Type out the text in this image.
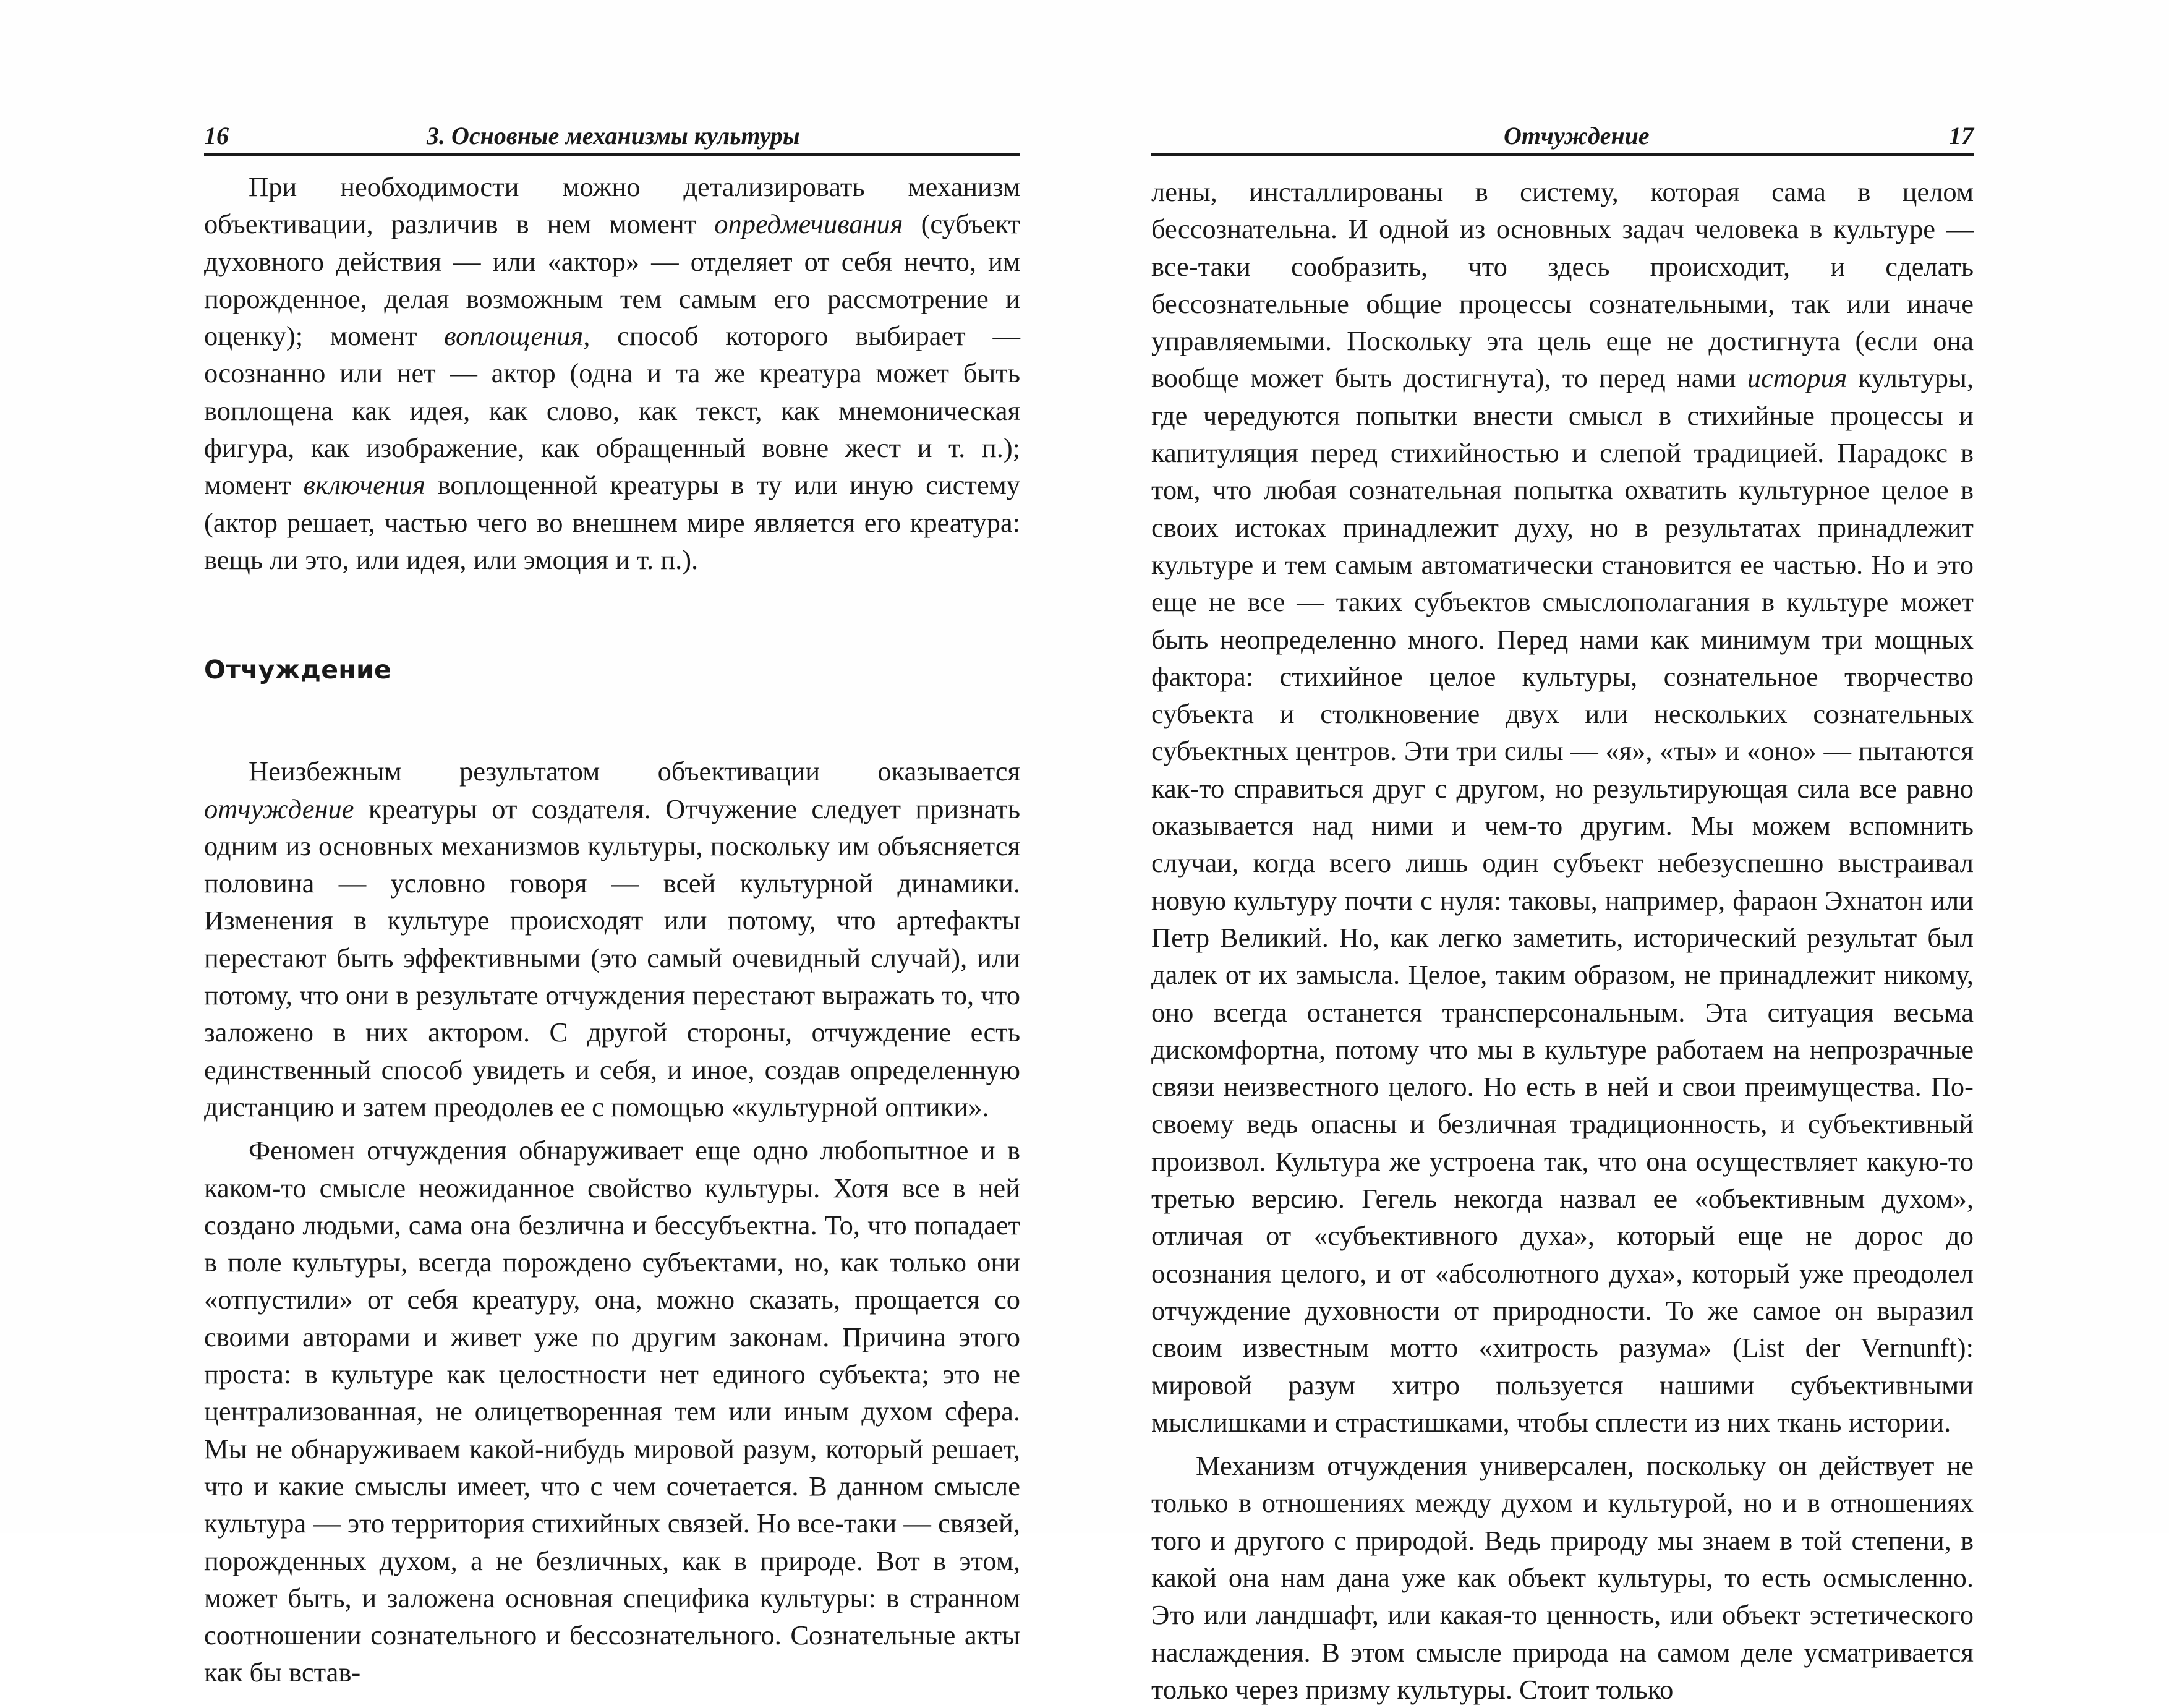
16	3. Основные механизмы культуры

При необходимости можно детализировать механизм объективации, различив в нем момент опредмечивания (субъект духовного действия — или «актор» — отделяет от себя нечто, им порожденное, делая возможным тем самым его рассмотрение и оценку); момент воплощения, способ которого выбирает — осознанно или нет — актор (одна и та же креатура может быть воплощена как идея, как слово, как текст, как мнемоническая фигура, как изображение, как обращенный вовне жест и т. п.); момент включения воплощенной креатуры в ту или иную систему (актор решает, частью чего во внешнем мире является его креатура: вещь ли это, или идея, или эмоция и т. п.).

Отчуждение

Неизбежным результатом объективации оказывается отчуждение креатуры от создателя. Отчужение следует признать одним из основных механизмов культуры, поскольку им объясняется половина — условно говоря — всей культурной динамики. Изменения в культуре происходят или потому, что артефакты перестают быть эффективными (это самый очевидный случай), или потому, что они в результате отчуждения перестают выражать то, что заложено в них актором. С другой стороны, отчуждение есть единственный способ увидеть и себя, и иное, создав определенную дистанцию и затем преодолев ее с помощью «культурной оптики».

Феномен отчуждения обнаруживает еще одно любопытное и в каком-то смысле неожиданное свойство культуры. Хотя все в ней создано людьми, сама она безлична и бессубъектна. То, что попадает в поле культуры, всегда порождено субъектами, но, как только они «отпустили» от себя креатуру, она, можно сказать, прощается со своими авторами и живет уже по другим законам. Причина этого проста: в культуре как целостности нет единого субъекта; это не централизованная, не олицетворенная тем или иным духом сфера. Мы не обнаруживаем какой-нибудь мировой разум, который решает, что и какие смыслы имеет, что с чем сочетается. В данном смысле культура — это территория стихийных связей. Но все-таки — связей, порожденных духом, а не безличных, как в природе. Вот в этом, может быть, и заложена основная специфика культуры: в странном соотношении сознательного и бессознательного. Сознательные акты как бы встав-

Отчуждение	17

лены, инсталлированы в систему, которая сама в целом бессознательна. И одной из основных задач человека в культуре — все-таки сообразить, что здесь происходит, и сделать бессознательные общие процессы сознательными, так или иначе управляемыми. Поскольку эта цель еще не достигнута (если она вообще может быть достигнута), то перед нами история культуры, где чередуются попытки внести смысл в стихийные процессы и капитуляция перед стихийностью и слепой традицией. Парадокс в том, что любая сознательная попытка охватить культурное целое в своих истоках принадлежит духу, но в результатах принадлежит культуре и тем самым автоматически становится ее частью. Но и это еще не все — таких субъектов смыслополагания в культуре может быть неопределенно много. Перед нами как минимум три мощных фактора: стихийное целое культуры, сознательное творчество субъекта и столкновение двух или нескольких сознательных субъектных центров. Эти три силы — «я», «ты» и «оно» — пытаются как-то справиться друг с другом, но результирующая сила все равно оказывается над ними и чем-то другим. Мы можем вспомнить случаи, когда всего лишь один субъект небезуспешно выстраивал новую культуру почти с нуля: таковы, например, фараон Эхнатон или Петр Великий. Но, как легко заметить, исторический результат был далек от их замысла. Целое, таким образом, не принадлежит никому, оно всегда останется трансперсональным. Эта ситуация весьма дискомфортна, потому что мы в культуре работаем на непрозрачные связи неизвестного целого. Но есть в ней и свои преимущества. По-своему ведь опасны и безличная традиционность, и субъективный произвол. Культура же устроена так, что она осуществляет какую-то третью версию. Гегель некогда назвал ее «объективным духом», отличая от «субъективного духа», который еще не дорос до осознания целого, и от «абсолютного духа», который уже преодолел отчуждение духовности от природности. То же самое он выразил своим известным мотто «хитрость разума» (List der Vernunft): мировой разум хитро пользуется нашими субъективными мыслишками и страстишками, чтобы сплести из них ткань истории.

Механизм отчуждения универсален, поскольку он действует не только в отношениях между духом и культурой, но и в отношениях того и другого с природой. Ведь природу мы знаем в той степени, в какой она нам дана уже как объект культуры, то есть осмысленно. Это или ландшафт, или какая-то ценность, или объект эстетического наслаждения. В этом смысле природа на самом деле усматривается только через призму культуры. Стоит только
